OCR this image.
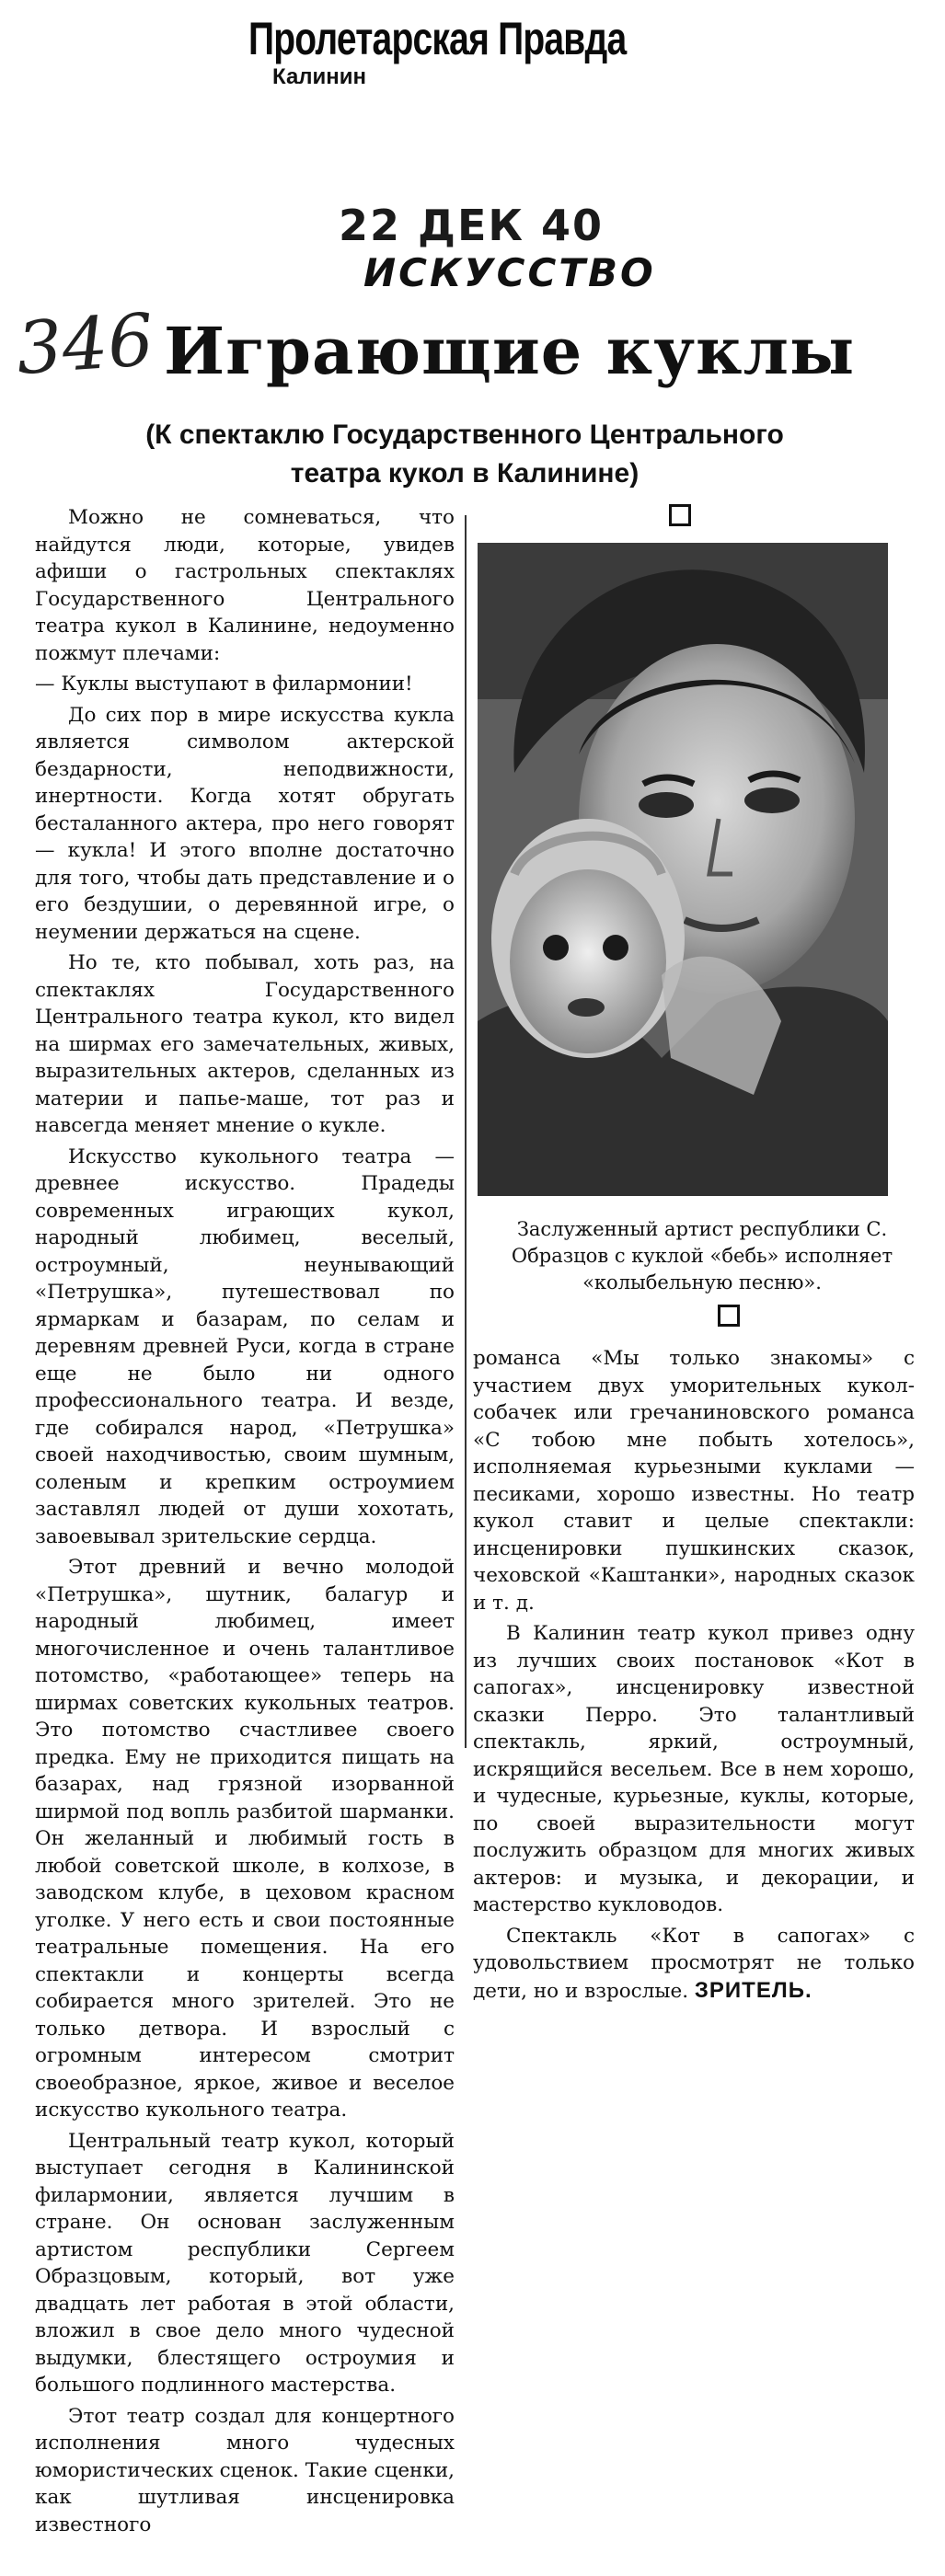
Пролетарская Правда
Калинин
22 ДЕК 40
ИСКУССТВО
346 Играющие куклы
(К спектаклю Государственного Центрального
театра кукол в Калинине)

Можно не сомневаться, что найдутся люди, которые, увидев афиши о гастрольных спектаклях Государственного Центрального театра кукол в Калинине, недоуменно пожмут плечами:

— Куклы выступают в филармонии!

До сих пор в мире искусства кукла является символом актерской бездарности, неподвижности, инертности. Когда хотят обругать бесталанного актера, про него говорят — кукла! И этого вполне достаточно для того, чтобы дать представление и о его бездушии, о деревянной игре, о неумении держаться на сцене.

Но те, кто побывал, хоть раз, на спектаклях Государственного Центрального театра кукол, кто видел на ширмах его замечательных, живых, выразительных актеров, сделанных из материи и папье-маше, тот раз и навсегда меняет мнение о кукле.

Искусство кукольного театра — древнее искусство. Прадеды современных играющих кукол, народный любимец, веселый, остроумный, неунывающий «Петрушка», путешествовал по ярмаркам и базарам, по селам и деревням древней Руси, когда в стране еще не было ни одного профессионального театра. И везде, где собирался народ, «Петрушка» своей находчивостью, своим шумным, соленым и крепким остроумием заставлял людей от души хохотать, завоевывал зрительские сердца.

Этот древний и вечно молодой «Петрушка», шутник, балагур и народный любимец, имеет многочисленное и очень талантливое потомство, «работающее» теперь на ширмах советских кукольных театров. Это потомство счастливее своего предка. Ему не приходится пищать на базарах, над грязной изорванной ширмой под вопль разбитой шарманки. Он желанный и любимый гость в любой советской школе, в колхозе, в заводском клубе, в цеховом красном уголке. У него есть и свои постоянные театральные помещения. На его спектакли и концерты всегда собирается много зрителей. Это не только детвора. И взрослый с огромным интересом смотрит своеобразное, яркое, живое и веселое искусство кукольного театра.

Центральный театр кукол, который выступает сегодня в Калининской филармонии, является лучшим в стране. Он основан заслуженным артистом республики Сергеем Образцовым, который, вот уже двадцать лет работая в этой области, вложил в свое дело много чудесной выдумки, блестящего остроумия и большого подлинного мастерства.

Этот театр создал для концертного исполнения много чудесных юмористических сценок. Такие сценки, как шутливая инсценировка известного

Заслуженный артист республики С. Образцов с куклой «бебь» исполняет «колыбельную песню».

романса «Мы только знакомы» с участием двух уморительных кукол-собачек или гречаниновского романса «С тобою мне побыть хотелось», исполняемая курьезными куклами — песиками, хорошо известны. Но театр кукол ставит и целые спектакли: инсценировки пушкинских сказок, чеховской «Каштанки», народных сказок и т. д.

В Калинин театр кукол привез одну из лучших своих постановок «Кот в сапогах», инсценировку известной сказки Перро. Это талантливый спектакль, яркий, остроумный, искрящийся весельем. Все в нем хорошо, и чудесные, курьезные, куклы, которые, по своей выразительности могут послужить образцом для многих живых актеров: и музыка, и декорации, и мастерство кукловодов.

Спектакль «Кот в сапогах» с удовольствием просмотрят не только дети, но и взрослые. ЗРИТЕЛЬ.
